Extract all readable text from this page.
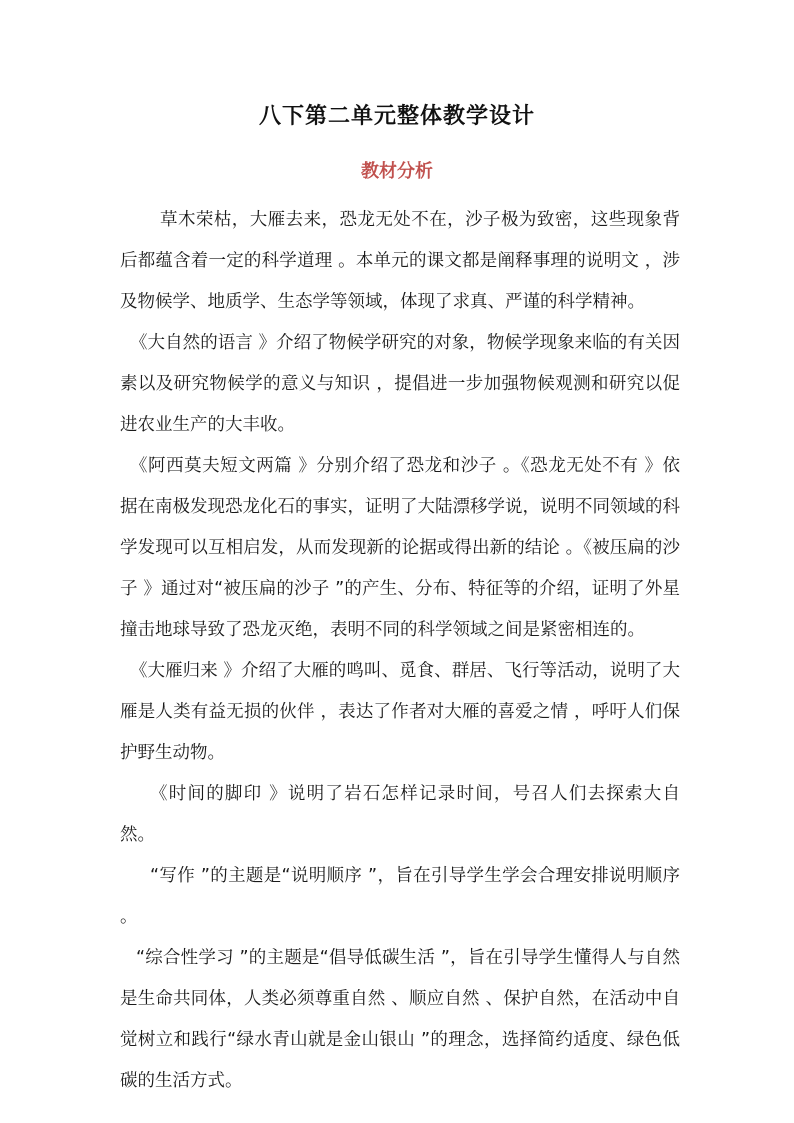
八下第二单元整体教学设计
教材分析

草木荣枯，大雁去来，恐龙无处不在，沙子极为致密，这些现象背后都蕴含着一定的科学道理 。本单元的课文都是阐释事理的说明文 ，涉及物候学、地质学、生态学等领域，体现了求真、严谨的科学精神。

《大自然的语言 》介绍了物候学研究的对象，物候学现象来临的有关因素以及研究物候学的意义与知识 ，提倡进一步加强物候观测和研究以促进农业生产的大丰收。

《阿西莫夫短文两篇 》分别介绍了恐龙和沙子 。《恐龙无处不有 》依据在南极发现恐龙化石的事实，证明了大陆漂移学说，说明不同领域的科学发现可以互相启发，从而发现新的论据或得出新的结论 。《被压扁的沙子 》通过对“被压扁的沙子 ”的产生、分布、特征等的介绍，证明了外星撞击地球导致了恐龙灭绝，表明不同的科学领域之间是紧密相连的。

《大雁归来 》介绍了大雁的鸣叫、觅食、群居、飞行等活动，说明了大雁是人类有益无损的伙伴 ，表达了作者对大雁的喜爱之情 ，呼吁人们保护野生动物。

《时间的脚印 》说明了岩石怎样记录时间，号召人们去探索大自然。

“写作 ”的主题是“说明顺序 ”，旨在引导学生学会合理安排说明顺序 。

“综合性学习 ”的主题是“倡导低碳生活 ”，旨在引导学生懂得人与自然是生命共同体，人类必须尊重自然 、顺应自然 、保护自然，在活动中自觉树立和践行“绿水青山就是金山银山 ”的理念，选择简约适度、绿色低碳的生活方式。
